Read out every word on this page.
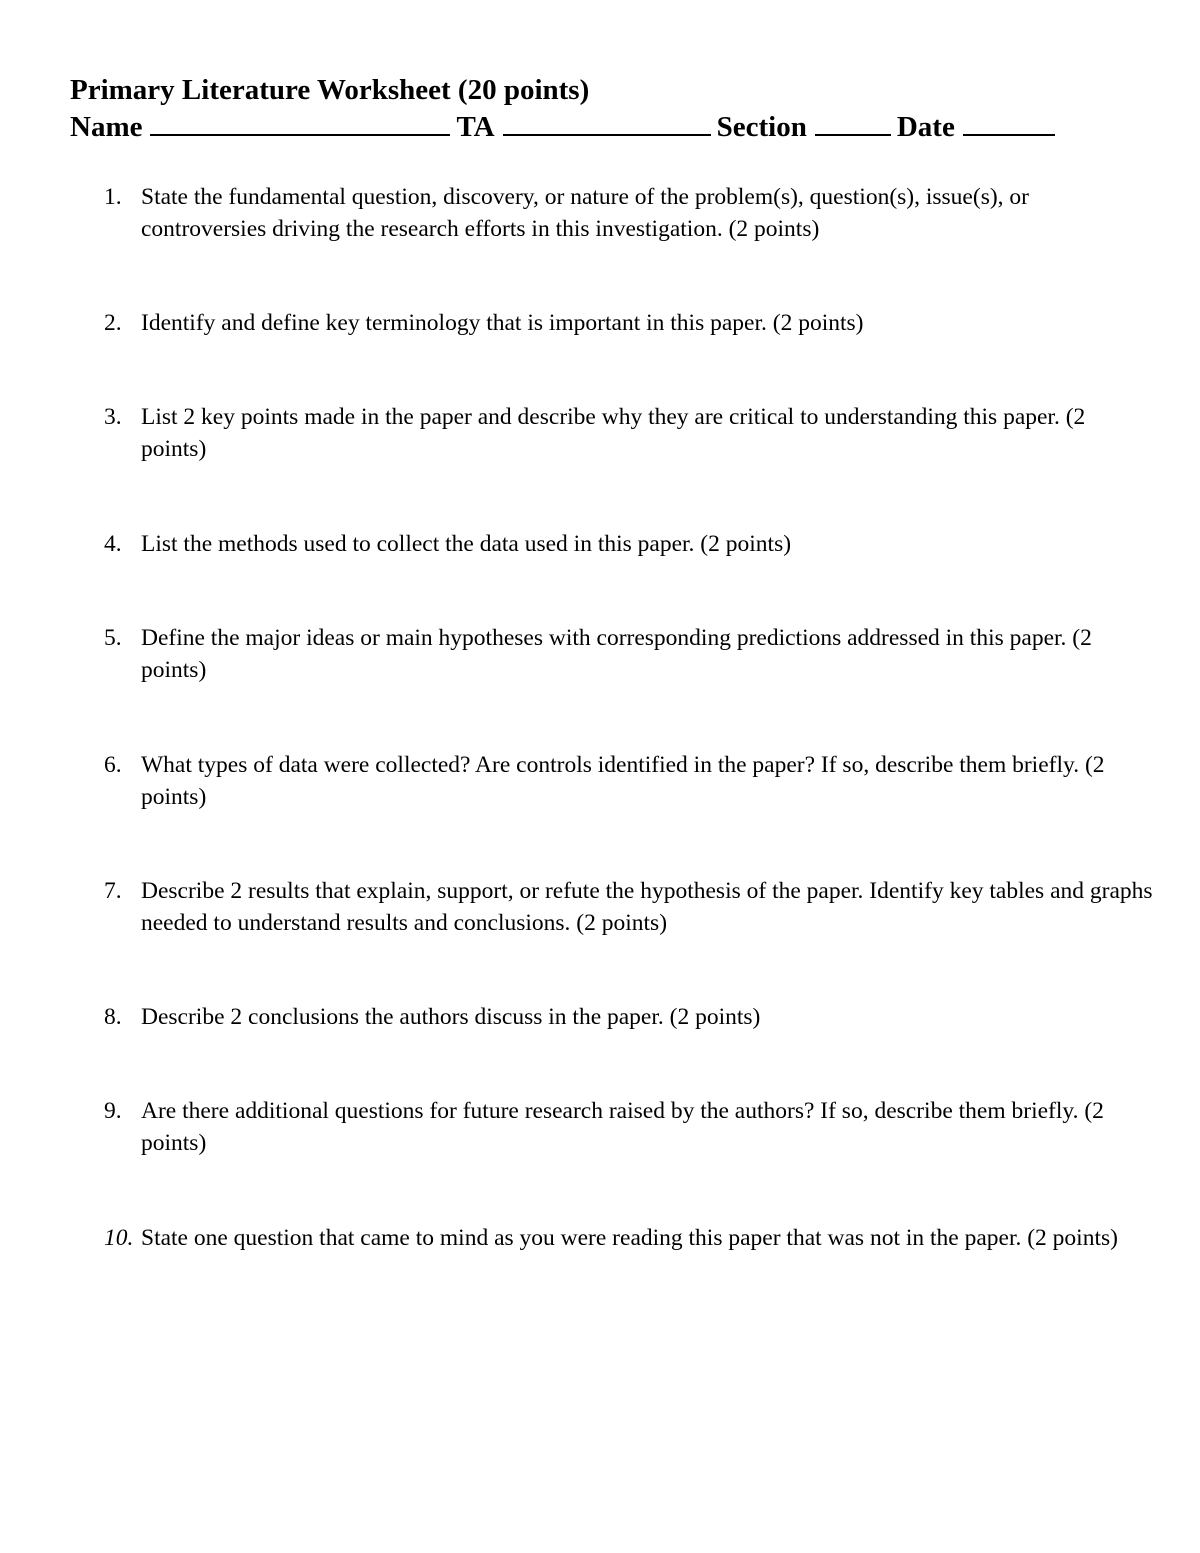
Primary Literature Worksheet (20 points)
Name	TA	Section	Date
1. State the fundamental question, discovery, or nature of the problem(s), question(s), issue(s), or controversies driving the research efforts in this investigation. (2 points)
2. Identify and define key terminology that is important in this paper. (2 points)
3. List 2 key points made in the paper and describe why they are critical to understanding this paper. (2 points)
4. List the methods used to collect the data used in this paper. (2 points)
5. Define the major ideas or main hypotheses with corresponding predictions addressed in this paper. (2 points)
6. What types of data were collected? Are controls identified in the paper? If so, describe them briefly. (2 points)
7. Describe 2 results that explain, support, or refute the hypothesis of the paper. Identify key tables and graphs needed to understand results and conclusions. (2 points)
8. Describe 2 conclusions the authors discuss in the paper. (2 points)
9. Are there additional questions for future research raised by the authors? If so, describe them briefly. (2 points)
10. State one question that came to mind as you were reading this paper that was not in the paper. (2 points)
